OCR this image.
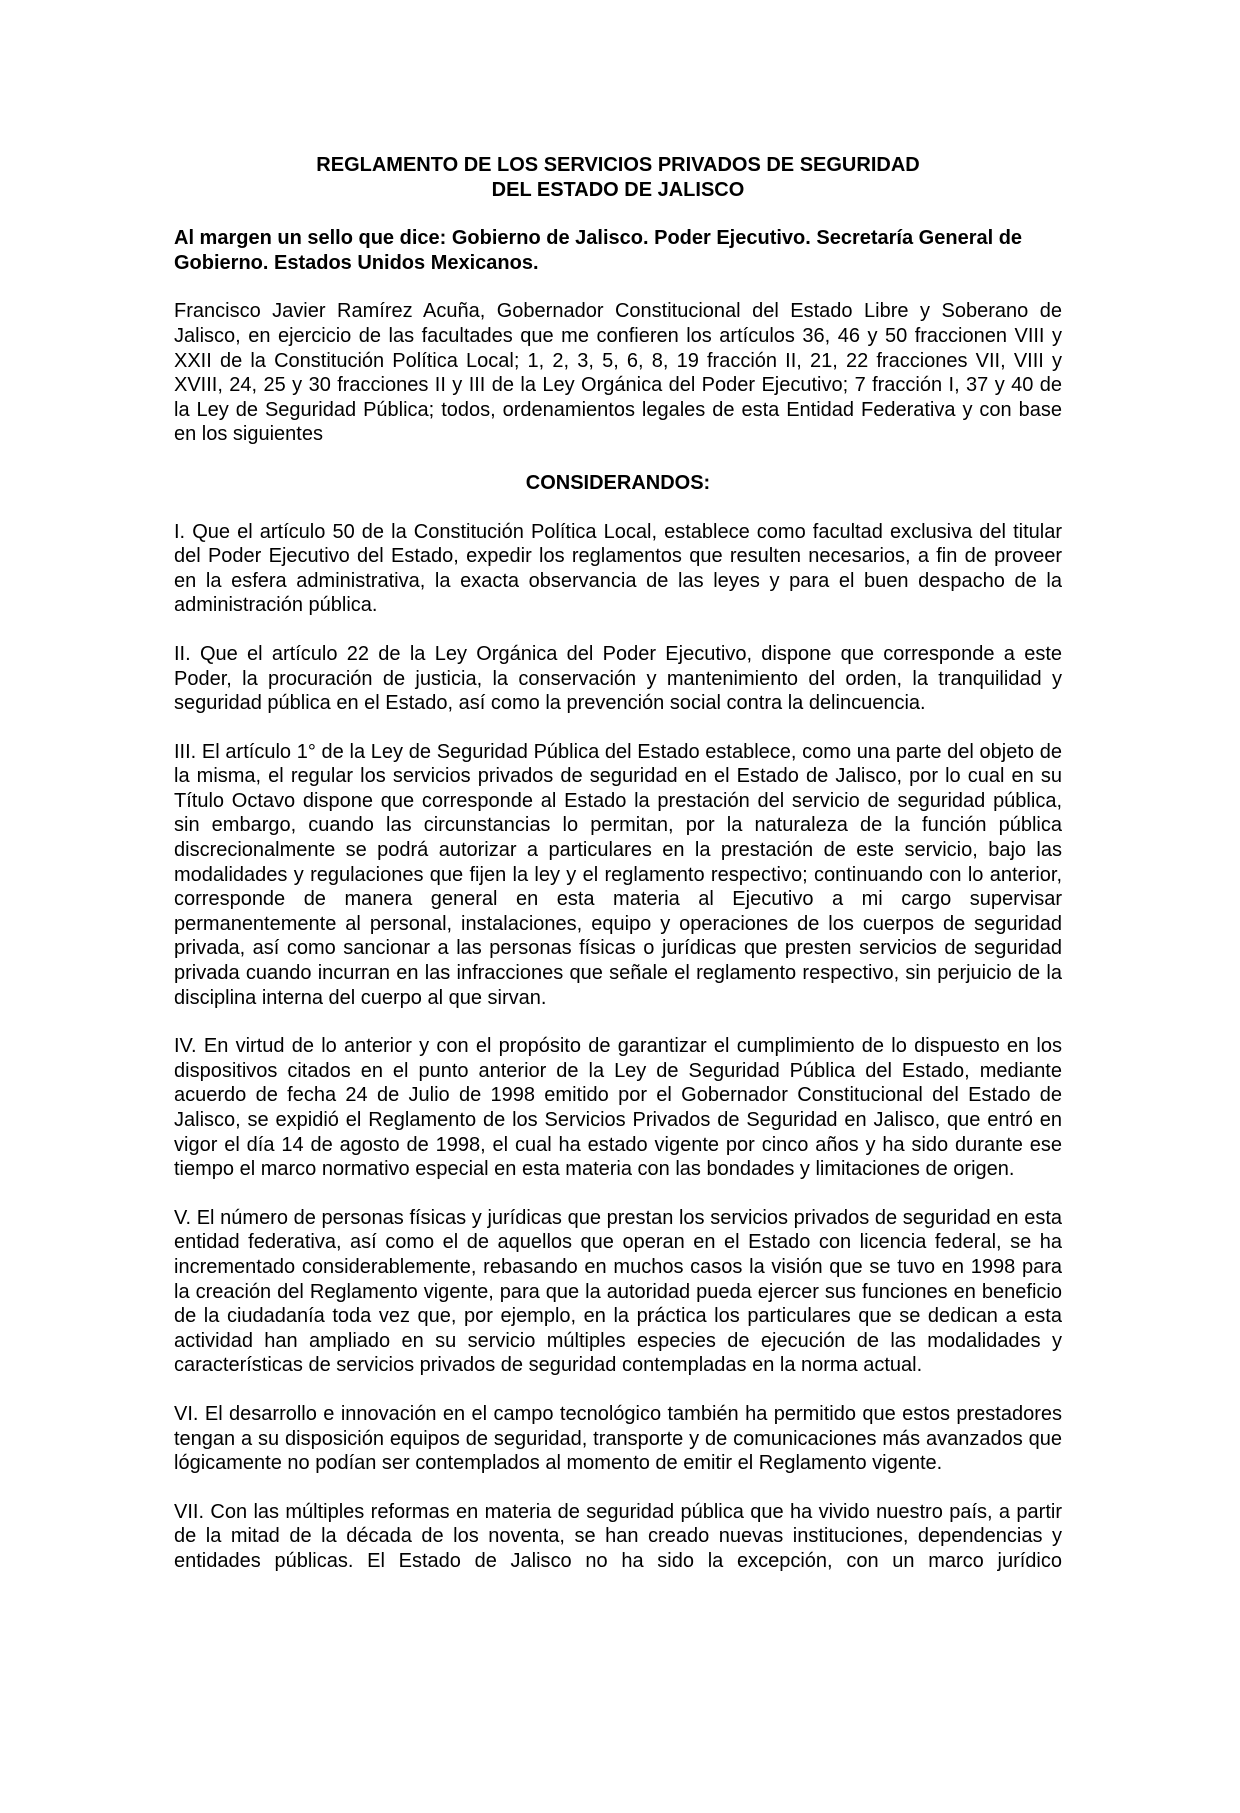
REGLAMENTO DE LOS SERVICIOS PRIVADOS DE SEGURIDAD
DEL ESTADO DE JALISCO

Al margen un sello que dice: Gobierno de Jalisco. Poder Ejecutivo. Secretaría General de Gobierno. Estados Unidos Mexicanos.

Francisco Javier Ramírez Acuña, Gobernador Constitucional del Estado Libre y Soberano de Jalisco, en ejercicio de las facultades que me confieren los artículos 36, 46 y 50 fraccionen VIII y XXII de la Constitución Política Local; 1, 2, 3, 5, 6, 8, 19 fracción II, 21, 22 fracciones VII, VIII y XVIII, 24, 25 y 30 fracciones II y III de la Ley Orgánica del Poder Ejecutivo; 7 fracción I, 37 y 40 de la Ley de Seguridad Pública; todos, ordenamientos legales de esta Entidad Federativa y con base en los siguientes

CONSIDERANDOS:

I. Que el artículo 50 de la Constitución Política Local, establece como facultad exclusiva del titular del Poder Ejecutivo del Estado, expedir los reglamentos que resulten necesarios, a fin de proveer en la esfera administrativa, la exacta observancia de las leyes y para el buen despacho de la administración pública.

II. Que el artículo 22 de la Ley Orgánica del Poder Ejecutivo, dispone que corresponde a este Poder, la procuración de justicia, la conservación y mantenimiento del orden, la tranquilidad y seguridad pública en el Estado, así como la prevención social contra la delincuencia.

III. El artículo 1° de la Ley de Seguridad Pública del Estado establece, como una parte del objeto de la misma, el regular los servicios privados de seguridad en el Estado de Jalisco, por lo cual en su Título Octavo dispone que corresponde al Estado la prestación del servicio de seguridad pública, sin embargo, cuando las circunstancias lo permitan, por la naturaleza de la función pública discrecionalmente se podrá autorizar a particulares en la prestación de este servicio, bajo las modalidades y regulaciones que fijen la ley y el reglamento respectivo; continuando con lo anterior, corresponde de manera general en esta materia al Ejecutivo a mi cargo supervisar permanentemente al personal, instalaciones, equipo y operaciones de los cuerpos de seguridad privada, así como sancionar a las personas físicas o jurídicas que presten servicios de seguridad privada cuando incurran en las infracciones que señale el reglamento respectivo, sin perjuicio de la disciplina interna del cuerpo al que sirvan.

IV. En virtud de lo anterior y con el propósito de garantizar el cumplimiento de lo dispuesto en los dispositivos citados en el punto anterior de la Ley de Seguridad Pública del Estado, mediante acuerdo de fecha 24 de Julio de 1998 emitido por el Gobernador Constitucional del Estado de Jalisco, se expidió el Reglamento de los Servicios Privados de Seguridad en Jalisco, que entró en vigor el día 14 de agosto de 1998, el cual ha estado vigente por cinco años y ha sido durante ese tiempo el marco normativo especial en esta materia con las bondades y limitaciones de origen.

V. El número de personas físicas y jurídicas que prestan los servicios privados de seguridad en esta entidad federativa, así como el de aquellos que operan en el Estado con licencia federal, se ha incrementado considerablemente, rebasando en muchos casos la visión que se tuvo en 1998 para la creación del Reglamento vigente, para que la autoridad pueda ejercer sus funciones en beneficio de la ciudadanía toda vez que, por ejemplo, en la práctica los particulares que se dedican a esta actividad han ampliado en su servicio múltiples especies de ejecución de las modalidades y características de servicios privados de seguridad contempladas en la norma actual.

VI. El desarrollo e innovación en el campo tecnológico también ha permitido que estos prestadores tengan a su disposición equipos de seguridad, transporte y de comunicaciones más avanzados que lógicamente no podían ser contemplados al momento de emitir el Reglamento vigente.

VII. Con las múltiples reformas en materia de seguridad pública que ha vivido nuestro país, a partir de la mitad de la década de los noventa, se han creado nuevas instituciones, dependencias y entidades públicas. El Estado de Jalisco no ha sido la excepción, con un marco jurídico
